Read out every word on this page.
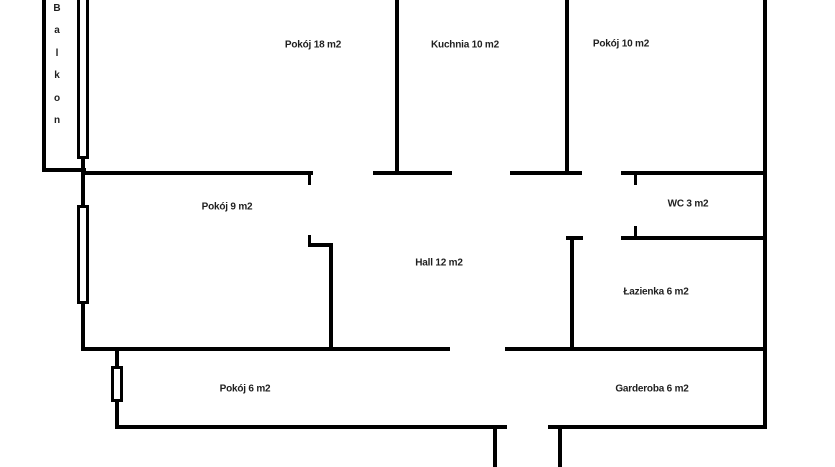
B
a
l
k
o
n
Pokój 18 m2	Kuchnia 10 m2	Pokój 10 m2
Pokój 9 m2	WC 3 m2
Hall 12 m2
Łazienka 6 m2
Pokój 6 m2	Garderoba 6 m2
